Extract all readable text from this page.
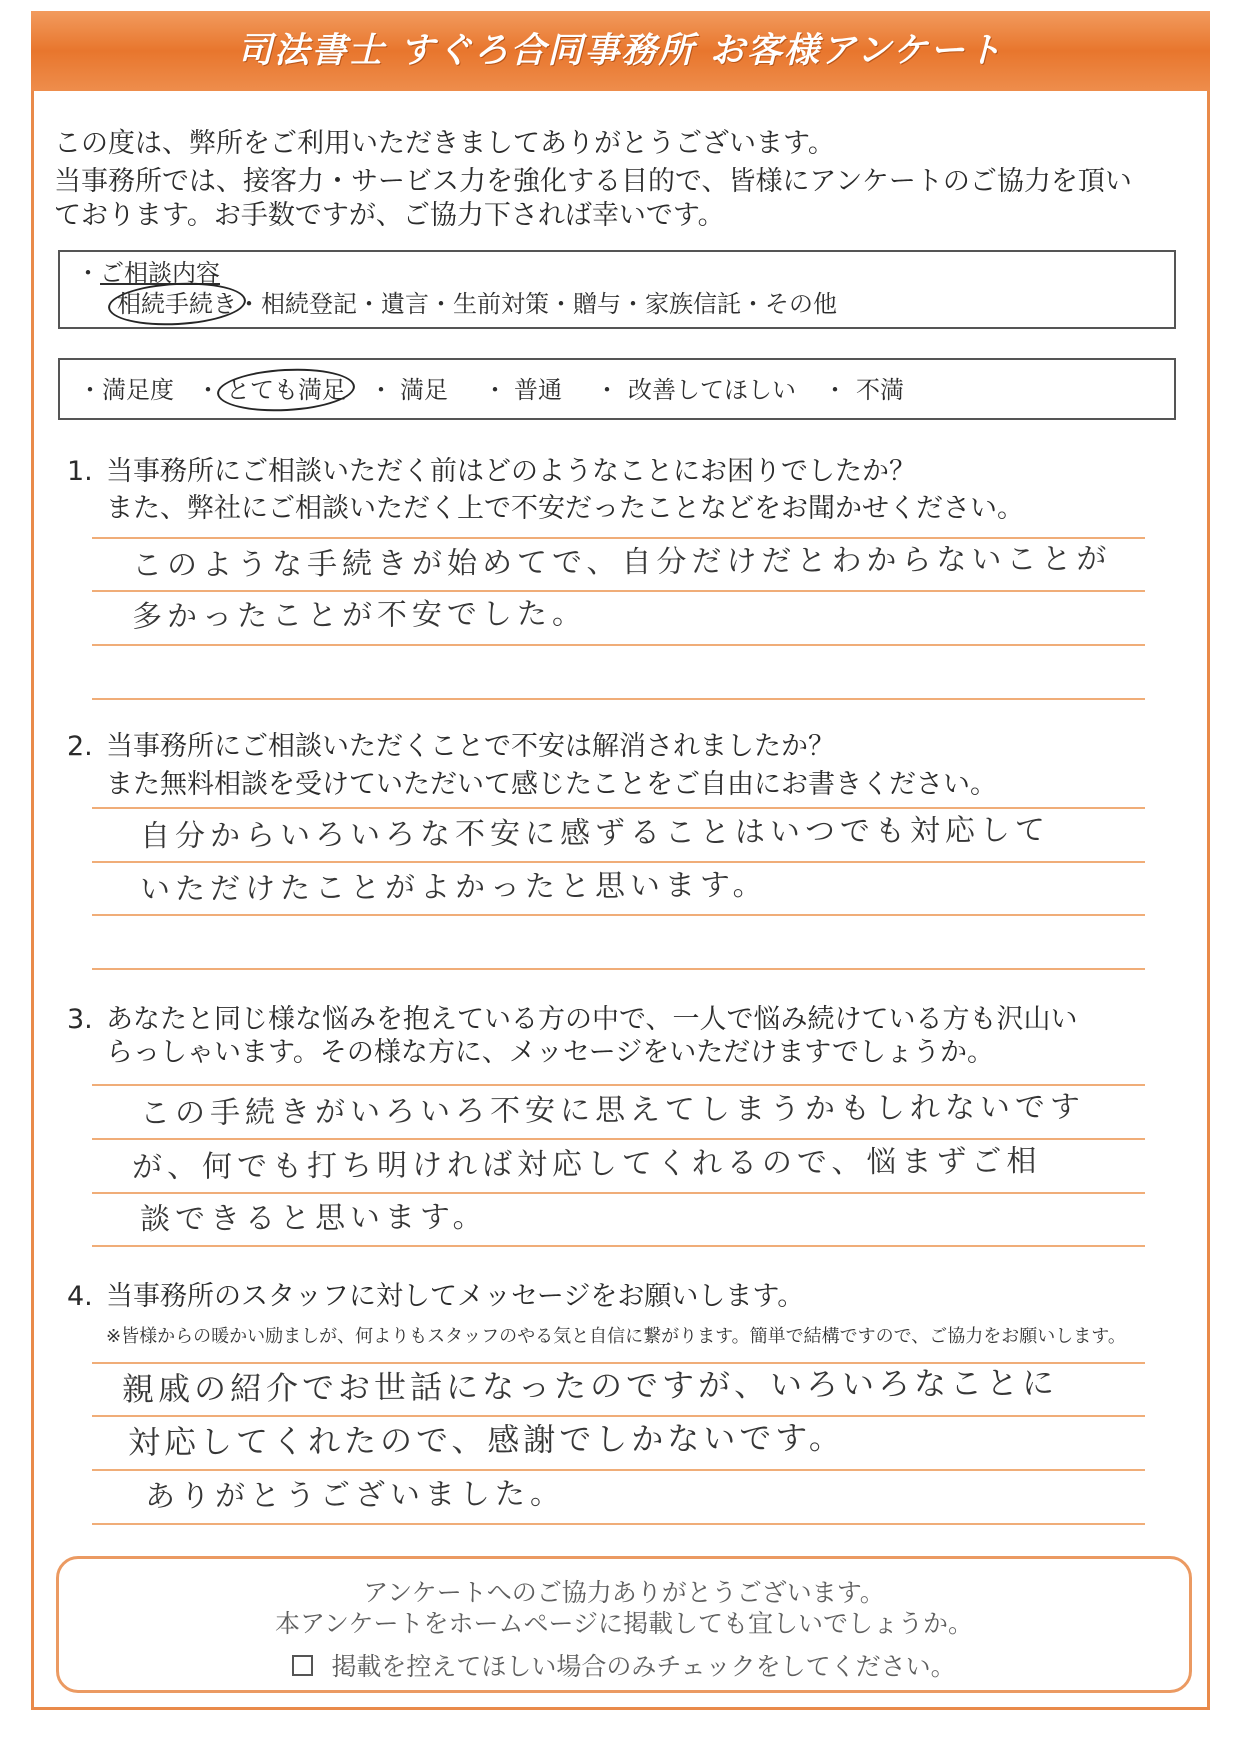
司法書士 すぐろ合同事務所 お客様アンケート
この度は、弊所をご利用いただきましてありがとうございます。
当事務所では、接客力・サービス力を強化する目的で、皆様にアンケートのご協力を頂い
ております。お手数ですが、ご協力下されば幸いです。
・ご相談内容
相続手続き
・相続登記・遺言・生前対策・贈与・家族信託・その他
・満足度 ・ とても満足 ・ 満足 ・ 普通 ・ 改善してほしい ・ 不満
1. 当事務所にご相談いただく前はどのようなことにお困りでしたか？
また、弊社にご相談いただく上で不安だったことなどをお聞かせください。
このような手続きが始めてで、自分だけだとわからないことが
多かったことが不安でした。
2. 当事務所にご相談いただくことで不安は解消されましたか？
また無料相談を受けていただいて感じたことをご自由にお書きください。
自分からいろいろな不安に感ずることはいつでも対応して
いただけたことがよかったと思います。
3. あなたと同じ様な悩みを抱えている方の中で、一人で悩み続けている方も沢山い
らっしゃいます。その様な方に、メッセージをいただけますでしょうか。
この手続きがいろいろ不安に思えてしまうかもしれないです
が、何でも打ち明ければ対応してくれるので、悩まずご相
談できると思います。
4. 当事務所のスタッフに対してメッセージをお願いします。
※皆様からの暖かい励ましが、何よりもスタッフのやる気と自信に繋がります。簡単で結構ですので、ご協力をお願いします。
親戚の紹介でお世話になったのですが、いろいろなことに
対応してくれたので、感謝でしかないです。
ありがとうございました。
アンケートへのご協力ありがとうございます。
本アンケートをホームページに掲載しても宜しいでしょうか。
掲載を控えてほしい場合のみチェックをしてください。
